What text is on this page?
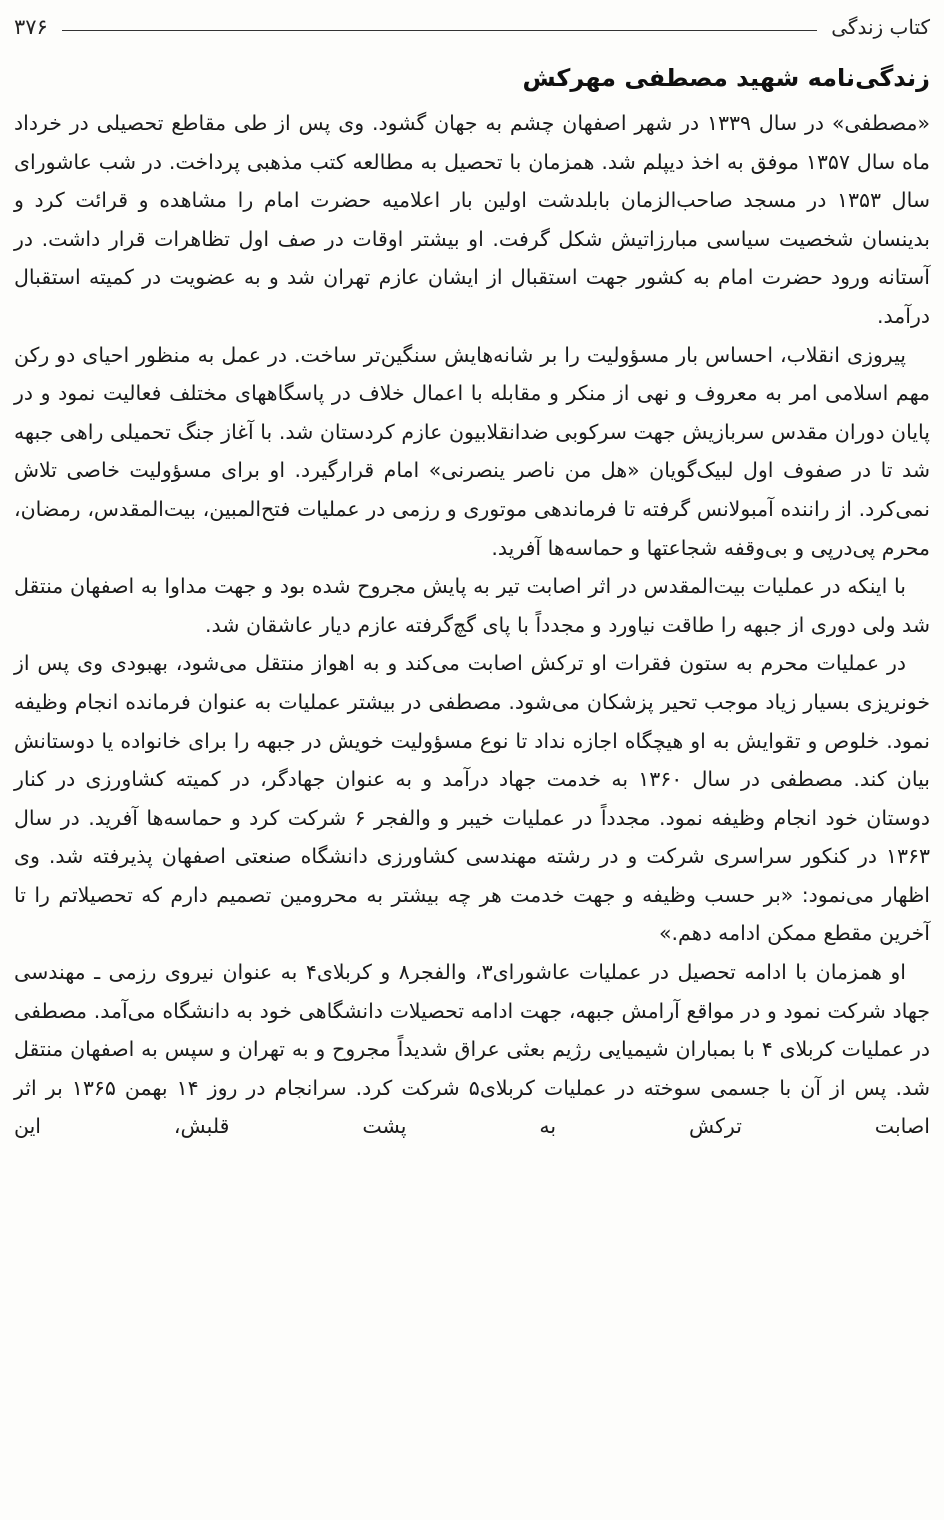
۳۷۶	کتاب زندگی
زندگی‌نامه شهید مصطفی مهرکش

«مصطفی» در سال ۱۳۳۹ در شهر اصفهان چشم به جهان گشود. وی پس از طی مقاطع تحصیلی در خرداد ماه سال ۱۳۵۷ موفق به اخذ دیپلم شد. همزمان با تحصیل به مطالعه کتب مذهبی پرداخت. در شب عاشورای سال ۱۳۵۳ در مسجد صاحب‌الزمان بابلدشت اولین بار اعلامیه حضرت امام را مشاهده و قرائت کرد و بدینسان شخصیت سیاسی مبارزاتیش شکل گرفت. او بیشتر اوقات در صف اول تظاهرات قرار داشت. در آستانه ورود حضرت امام به کشور جهت استقبال از ایشان عازم تهران شد و به عضویت در کمیته استقبال درآمد.

پیروزی انقلاب، احساس بار مسؤولیت را بر شانه‌هایش سنگین‌تر ساخت. در عمل به منظور احیای دو رکن مهم اسلامی امر به معروف و نهی از منکر و مقابله با اعمال خلاف در پاسگاههای مختلف فعالیت نمود و در پایان دوران مقدس سربازیش جهت سرکوبی ضدانقلابیون عازم کردستان شد. با آغاز جنگ تحمیلی راهی جبهه شد تا در صفوف اول لبیک‌گویان «هل من ناصر ینصرنی» امام قرارگیرد. او برای مسؤولیت خاصی تلاش نمی‌کرد. از راننده آمبولانس گرفته تا فرماندهی موتوری و رزمی در عملیات فتح‌المبین، بیت‌المقدس، رمضان، محرم پی‌درپی و بی‌وقفه شجاعتها و حماسه‌ها آفرید.

با اینکه در عملیات بیت‌المقدس در اثر اصابت تیر به پایش مجروح شده بود و جهت مداوا به اصفهان منتقل شد ولی دوری از جبهه را طاقت نیاورد و مجدداً با پای گچ‌گرفته عازم دیار عاشقان شد.

در عملیات محرم به ستون فقرات او ترکش اصابت می‌کند و به اهواز منتقل می‌شود، بهبودی وی پس از خونریزی بسیار زیاد موجب تحیر پزشکان می‌شود. مصطفی در بیشتر عملیات به عنوان فرمانده انجام وظیفه نمود. خلوص و تقوایش به او هیچگاه اجازه نداد تا نوع مسؤولیت خویش در جبهه را برای خانواده یا دوستانش بیان کند. مصطفی در سال ۱۳۶۰ به خدمت جهاد درآمد و به عنوان جهادگر، در کمیته کشاورزی در کنار دوستان خود انجام وظیفه نمود. مجدداً در عملیات خیبر و والفجر ۶ شرکت کرد و حماسه‌ها آفرید. در سال ۱۳۶۳ در کنکور سراسری شرکت و در رشته مهندسی کشاورزی دانشگاه صنعتی اصفهان پذیرفته شد. وی اظهار می‌نمود: «بر حسب وظیفه و جهت خدمت هر چه بیشتر به محرومین تصمیم دارم که تحصیلاتم را تا آخرین مقطع ممکن ادامه دهم.»

او همزمان با ادامه تحصیل در عملیات عاشورای۳، والفجر۸ و کربلای۴ به عنوان نیروی رزمی ـ مهندسی جهاد شرکت نمود و در مواقع آرامش جبهه، جهت ادامه تحصیلات دانشگاهی خود به دانشگاه می‌آمد. مصطفی در عملیات کربلای ۴ با بمباران شیمیایی رژیم بعثی عراق شدیداً مجروح و به تهران و سپس به اصفهان منتقل شد. پس از آن با جسمی سوخته در عملیات کربلای۵ شرکت کرد. سرانجام در روز ۱۴ بهمن ۱۳۶۵ بر اثر اصابت ترکش به پشت قلبش، این
